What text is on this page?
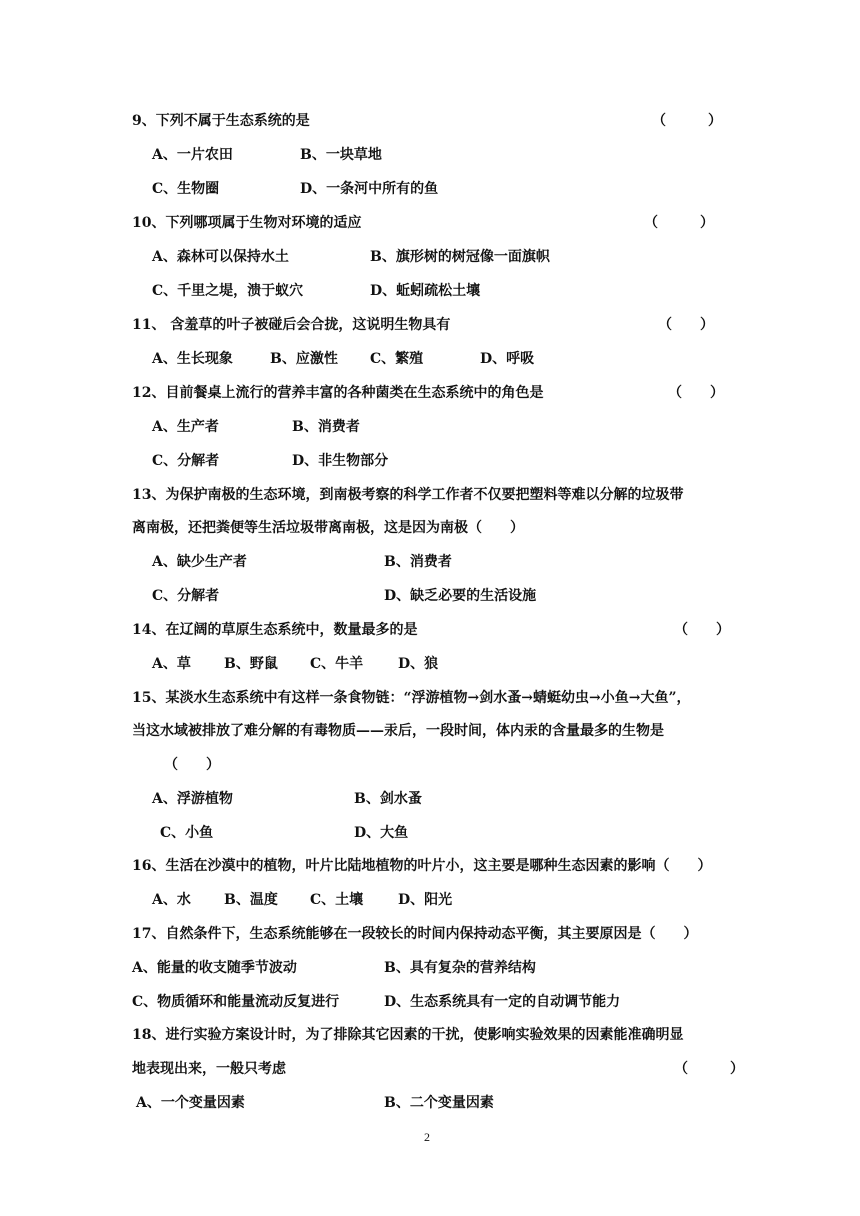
9、下列不属于生态系统的是	（　　　）
A、一片农田	B、一块草地
C、生物圈	D、一条河中所有的鱼
10、下列哪项属于生物对环境的适应	（　　　）
A、森林可以保持水土	B、旗形树的树冠像一面旗帜
C、千里之堤，溃于蚁穴	D、蚯蚓疏松土壤
11、 含羞草的叶子被碰后会合拢，这说明生物具有	（　　）
A、生长现象	B、应激性 C、繁殖	D、呼吸
12、目前餐桌上流行的营养丰富的各种菌类在生态系统中的角色是	（　　）
A、生产者	B、消费者
C、分解者	D、非生物部分
13、为保护南极的生态环境，到南极考察的科学工作者不仅要把塑料等难以分解的垃圾带
离南极，还把粪便等生活垃圾带离南极，这是因为南极（　　）
A、缺少生产者	B、消费者
C、分解者	D、缺乏必要的生活设施
14、在辽阔的草原生态系统中，数量最多的是	（　　）
A、草 B、野鼠 C、牛羊 D、狼
15、某淡水生态系统中有这样一条食物链：“浮游植物→剑水蚤→蜻蜓幼虫→小鱼→大鱼”，
当这水域被排放了难分解的有毒物质——汞后，一段时间，体内汞的含量最多的生物是
（　　）
A、浮游植物	B、剑水蚤
C、小鱼	D、大鱼
16、生活在沙漠中的植物，叶片比陆地植物的叶片小，这主要是哪种生态因素的影响（　　）
A、水 B、温度 C、土壤 D、阳光
17、自然条件下，生态系统能够在一段较长的时间内保持动态平衡，其主要原因是（　　）
A、能量的收支随季节波动	B、具有复杂的营养结构
C、物质循环和能量流动反复进行	D、生态系统具有一定的自动调节能力
18、进行实验方案设计时，为了排除其它因素的干扰，使影响实验效果的因素能准确明显
地表现出来，一般只考虑	（　　　）
A、一个变量因素	B、二个变量因素
2
